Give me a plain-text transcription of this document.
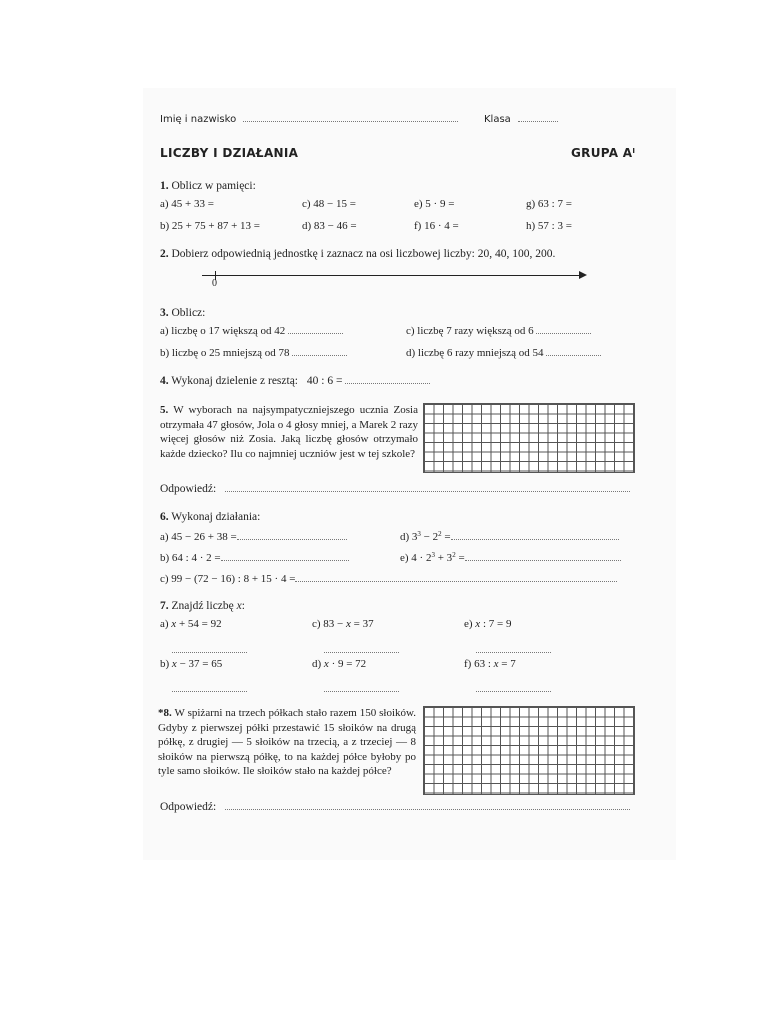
Imię i nazwisko	Klasa
LICZBY I DZIAŁANIA	GRUPA $A^I$
1. Oblicz w pamięci:
a) 45 + 33 =	c) 48 − 15 =	e) 5 · 9 =	g) 63 : 7 =
b) 25 + 75 + 87 + 13 =	d) 83 − 46 =	f) 16 · 4 =	h) 57 : 3 =
2. Dobierz odpowiednią jednostkę i zaznacz na osi liczbowej liczby: 20, 40, 100, 200.
0
3. Oblicz:
a) liczbę o 17 większą od 42	c) liczbę 7 razy większą od 6
b) liczbę o 25 mniejszą od 78	d) liczbę 6 razy mniejszą od 54
4. Wykonaj dzielenie z resztą: 40 : 6 =
5. W wyborach na najsympatyczniejszego ucznia Zosia otrzymała 47 głosów, Jola o 4 głosy mniej, a Marek 2 razy więcej głosów niż Zosia. Jaką liczbę głosów otrzymało każde dziecko? Ilu co najmniej uczniów jest w tej szkole?
Odpowiedź:
6. Wykonaj działania:
a) 45 − 26 + 38 =	d) $3^3 - 2^2$ =
b) 64 : 4 · 2 =	e) $4 \cdot 2^3 + 3^2$ =
c) 99 − (72 − 16) : 8 + 15 · 4 =
7. Znajdź liczbę x:
a) x + 54 = 92	c) 83 − x = 37	e) x : 7 = 9
b) x − 37 = 65	d) x · 9 = 72	f) 63 : x = 7
*8. W spiżarni na trzech półkach stało razem 150 słoików. Gdyby z pierwszej półki przestawić 15 słoików na drugą półkę, z drugiej — 5 słoików na trzecią, a z trzeciej — 8 słoików na pierwszą półkę, to na każdej półce byłoby po tyle samo słoików. Ile słoików stało na każdej półce?
Odpowiedź:
